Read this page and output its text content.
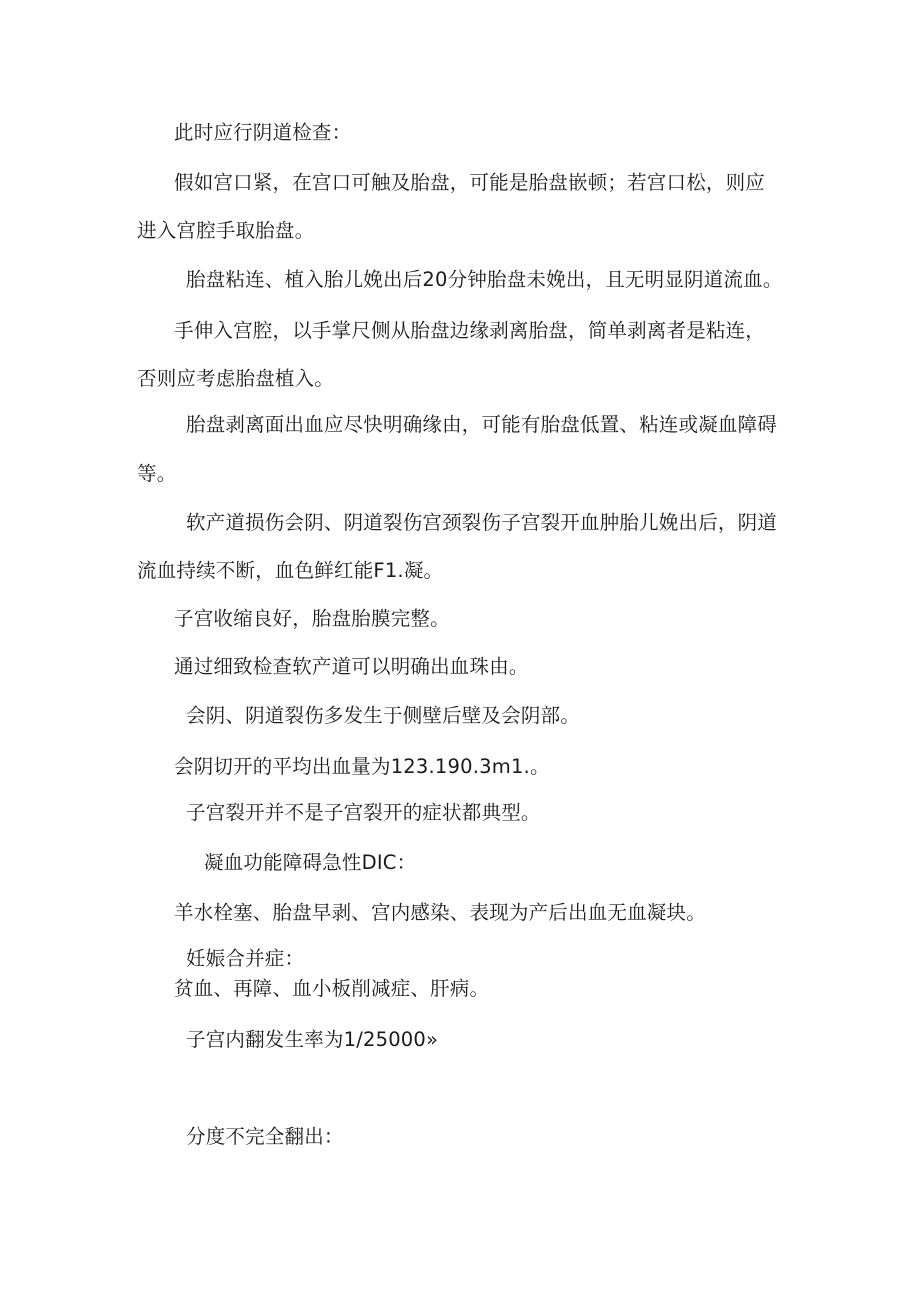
此时应行阴道检查：

假如宫口紧，在宫口可触及胎盘，可能是胎盘嵌顿；若宫口松，则应

进入宫腔手取胎盘。

胎盘粘连、植入胎儿娩出后20分钟胎盘未娩出，且无明显阴道流血。

手伸入宫腔，以手掌尺侧从胎盘边缘剥离胎盘，简单剥离者是粘连，

否则应考虑胎盘植入。

胎盘剥离面出血应尽快明确缘由，可能有胎盘低置、粘连或凝血障碍

等。

软产道损伤会阴、阴道裂伤宫颈裂伤子宫裂开血肿胎儿娩出后，阴道

流血持续不断，血色鲜红能F1.凝。

子宫收缩良好，胎盘胎膜完整。

通过细致检查软产道可以明确出血珠由。

会阴、阴道裂伤多发生于侧壁后壁及会阴部。

会阴切开的平均出血量为123.190.3m1.。

子宫裂开并不是子宫裂开的症状都典型。

凝血功能障碍急性DIC：

羊水栓塞、胎盘早剥、宫内感染、表现为产后出血无血凝块。

妊娠合并症：

贫血、再障、血小板削减症、肝病。

子宫内翻发生率为1/25000»

分度不完全翻出：
